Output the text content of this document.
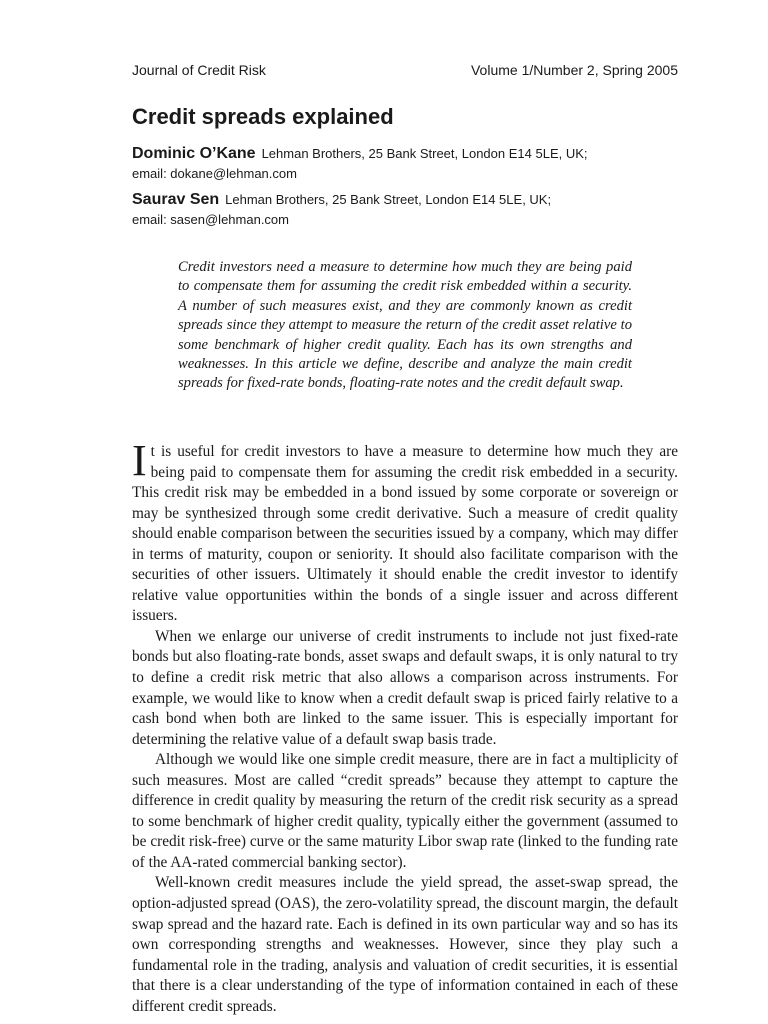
Journal of Credit Risk	Volume 1/Number 2, Spring 2005
Credit spreads explained
Dominic O’Kane Lehman Brothers, 25 Bank Street, London E14 5LE, UK;
email: dokane@lehman.com
Saurav Sen Lehman Brothers, 25 Bank Street, London E14 5LE, UK;
email: sasen@lehman.com

Credit investors need a measure to determine how much they are being paid to compensate them for assuming the credit risk embedded within a security. A number of such measures exist, and they are commonly known as credit spreads since they attempt to measure the return of the credit asset relative to some benchmark of higher credit quality. Each has its own strengths and weaknesses. In this article we define, describe and analyze the main credit spreads for fixed-rate bonds, floating-rate notes and the credit default swap.

It is useful for credit investors to have a measure to determine how much they are being paid to compensate them for assuming the credit risk embedded in a security. This credit risk may be embedded in a bond issued by some corporate or sovereign or may be synthesized through some credit derivative. Such a measure of credit quality should enable comparison between the securities issued by a company, which may differ in terms of maturity, coupon or seniority. It should also facilitate comparison with the securities of other issuers. Ultimately it should enable the credit investor to identify relative value opportunities within the bonds of a single issuer and across different issuers.

When we enlarge our universe of credit instruments to include not just fixed-rate bonds but also floating-rate bonds, asset swaps and default swaps, it is only natural to try to define a credit risk metric that also allows a comparison across instruments. For example, we would like to know when a credit default swap is priced fairly relative to a cash bond when both are linked to the same issuer. This is especially important for determining the relative value of a default swap basis trade.

Although we would like one simple credit measure, there are in fact a multiplicity of such measures. Most are called “credit spreads” because they attempt to capture the difference in credit quality by measuring the return of the credit risk security as a spread to some benchmark of higher credit quality, typically either the government (assumed to be credit risk-free) curve or the same maturity Libor swap rate (linked to the funding rate of the AA-rated commercial banking sector).

Well-known credit measures include the yield spread, the asset-swap spread, the option-adjusted spread (OAS), the zero-volatility spread, the discount margin, the default swap spread and the hazard rate. Each is defined in its own particular way and so has its own corresponding strengths and weaknesses. However, since they play such a fundamental role in the trading, analysis and valuation of credit securities, it is essential that there is a clear understanding of the type of information contained in each of these different credit spreads.
